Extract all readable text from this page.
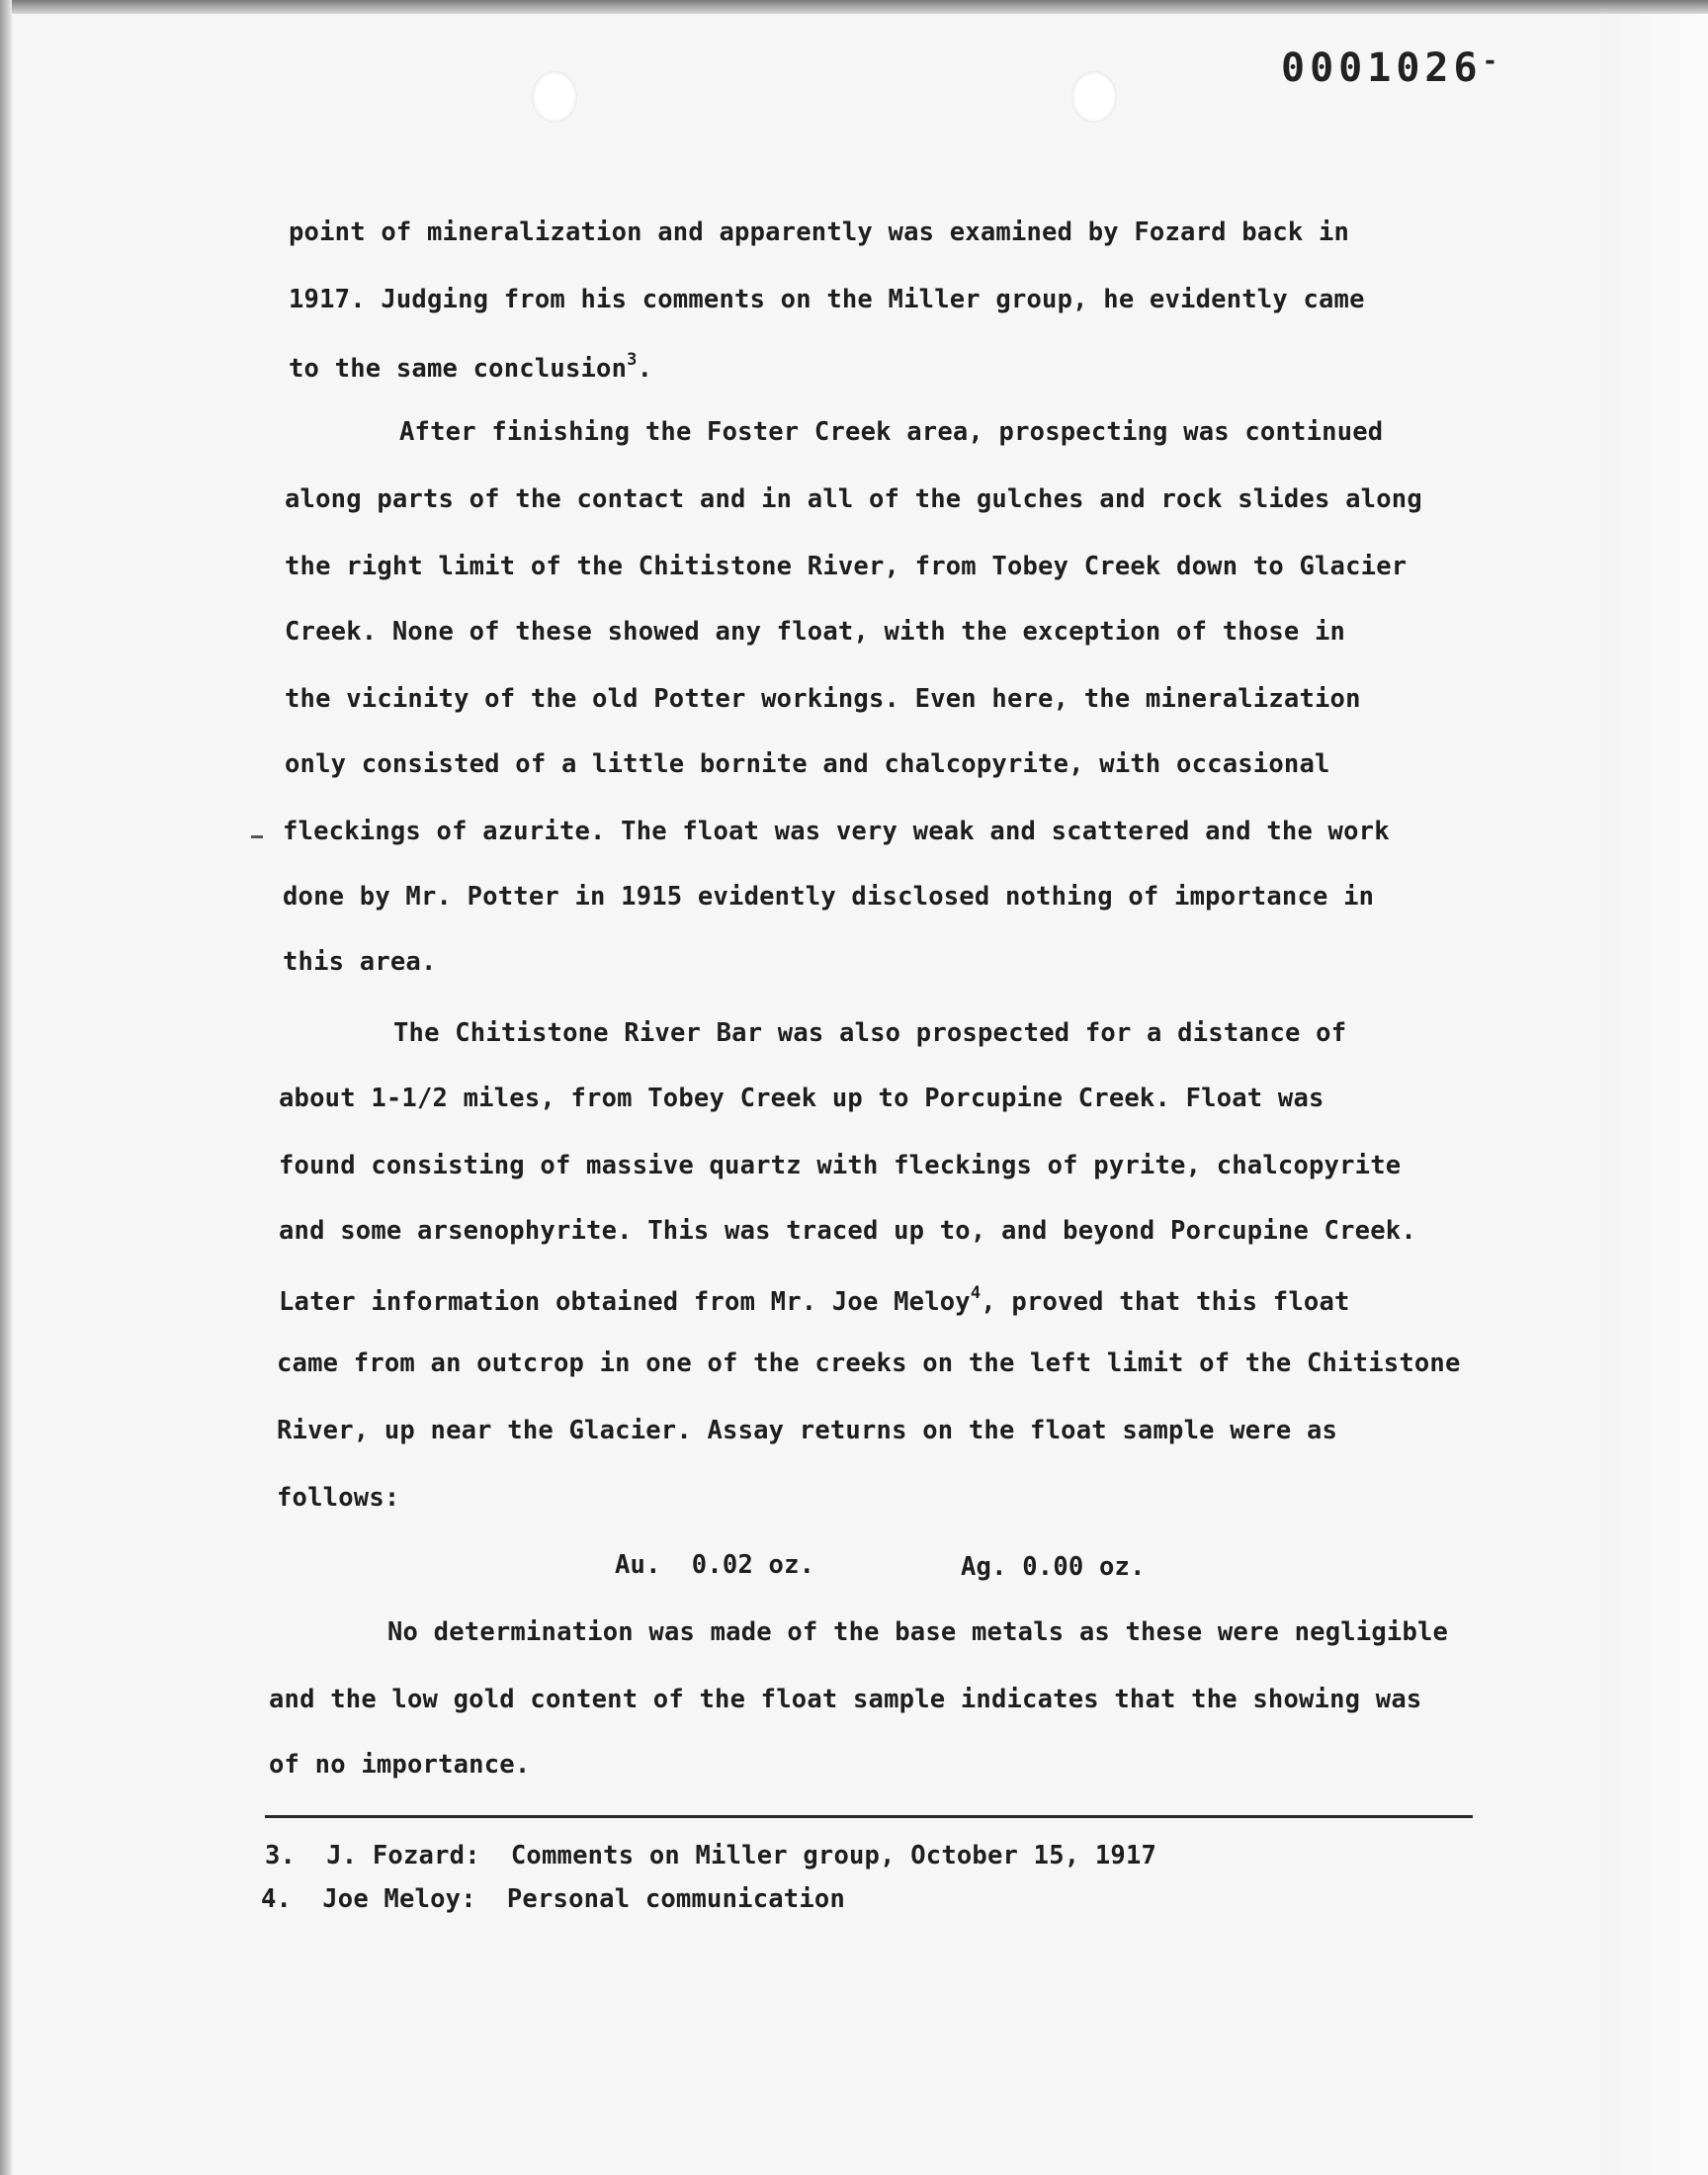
0001026-
point of mineralization and apparently was examined by Fozard back in
1917. Judging from his comments on the Miller group, he evidently came
to the same conclusion$^3$.
After finishing the Foster Creek area, prospecting was continued
along parts of the contact and in all of the gulches and rock slides along
the right limit of the Chitistone River, from Tobey Creek down to Glacier
Creek. None of these showed any float, with the exception of those in
the vicinity of the old Potter workings. Even here, the mineralization
only consisted of a little bornite and chalcopyrite, with occasional
fleckings of azurite. The float was very weak and scattered and the work
done by Mr. Potter in 1915 evidently disclosed nothing of importance in
this area.
The Chitistone River Bar was also prospected for a distance of
about 1-1/2 miles, from Tobey Creek up to Porcupine Creek. Float was
found consisting of massive quartz with fleckings of pyrite, chalcopyrite
and some arsenophyrite. This was traced up to, and beyond Porcupine Creek.
Later information obtained from Mr. Joe Meloy$^4$, proved that this float
came from an outcrop in one of the creeks on the left limit of the Chitistone
River, up near the Glacier. Assay returns on the float sample were as
follows:
Au. 0.02 oz.	Ag. 0.00 oz.
No determination was made of the base metals as these were negligible
and the low gold content of the float sample indicates that the showing was
of no importance.
3. J. Fozard: Comments on Miller group, October 15, 1917
4. Joe Meloy: Personal communication
